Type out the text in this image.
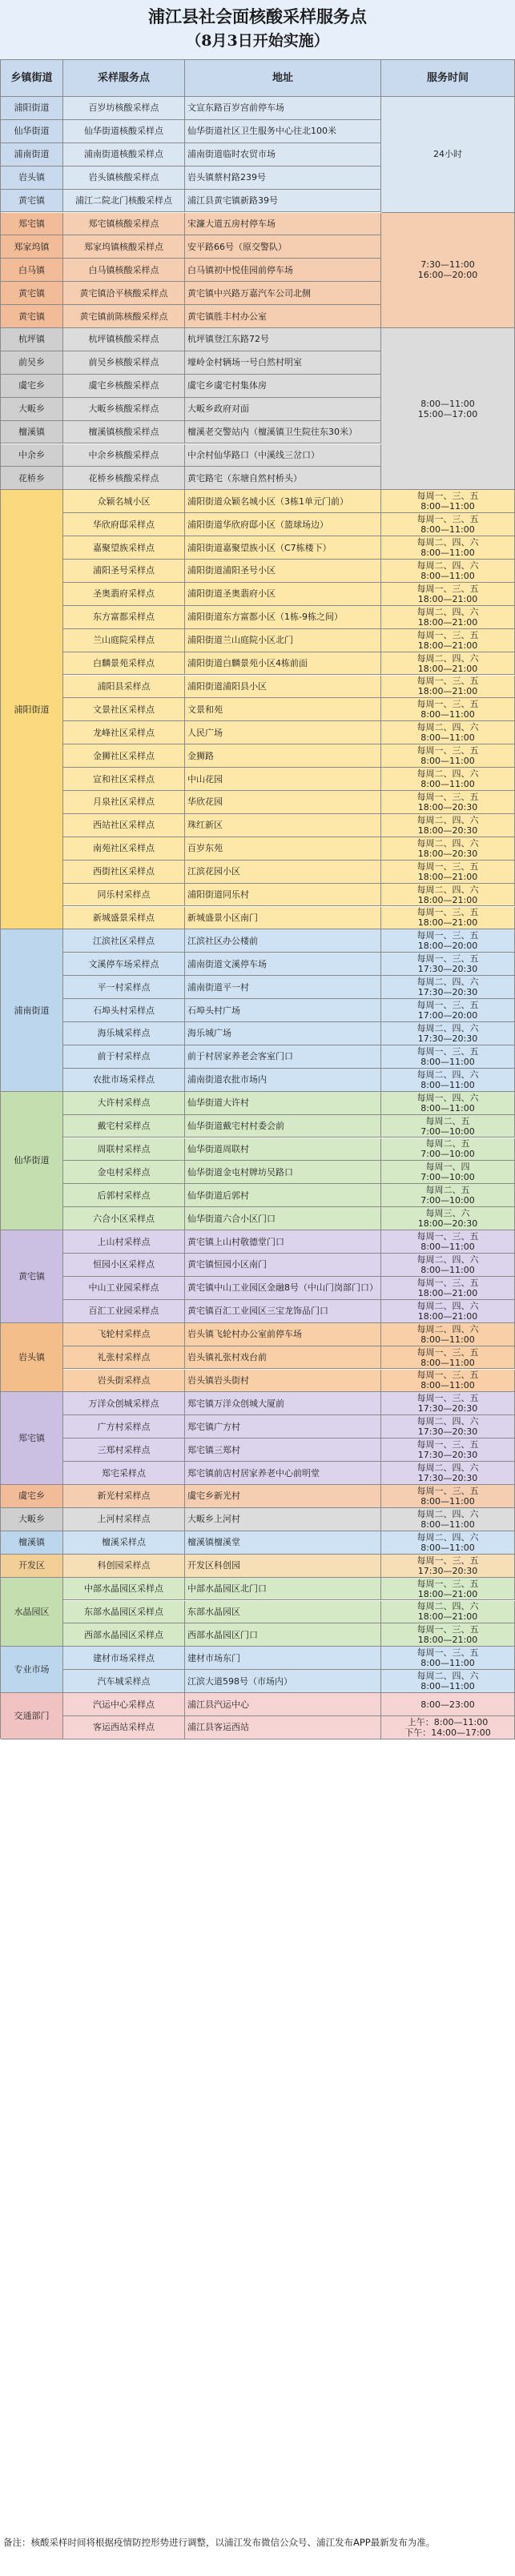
浦江县社会面核酸采样服务点
（8月3日开始实施）
乡镇街道	采样服务点	地址	服务时间
浦阳街道	百岁坊核酸采样点	文宣东路百岁宫前停车场
仙华街道	仙华街道核酸采样点	仙华街道社区卫生服务中心往北100米
浦南街道	浦南街道核酸采样点	浦南街道临时农贸市场
岩头镇	岩头镇核酸采样点	岩头镇蔡村路239号
黄宅镇	浦江二院北门核酸采样点	浦江县黄宅镇新路39号
24小时
郑宅镇	郑宅镇核酸采样点	宋濂大道五房村停车场
郑家坞镇	郑家坞镇核酸采样点	安平路66号（原交警队）
白马镇	白马镇核酸采样点	白马镇初中悦佳园前停车场
黄宅镇	黄宅镇洽平核酸采样点	黄宅镇中兴路万嘉汽车公司北侧
黄宅镇	黄宅镇前陈核酸采样点	黄宅镇胜丰村办公室
7:30—11:00
16:00—20:00
杭坪镇	杭坪镇核酸采样点	杭坪镇登江东路72号
前吴乡	前吴乡核酸采样点	壕岭金村辆场一号白然村明室
虞宅乡	虞宅乡核酸采样点	虞宅乡虞宅村集体房
大畈乡	大畈乡核酸采样点	大畈乡政府对面
檀溪镇	檀溪镇核酸采样点	檀溪老交警站内（檀溪镇卫生院往东30米）
中余乡	中余乡核酸采样点	中余村仙华路口（中溪线三岔口）
花桥乡	花桥乡核酸采样点	黄宅路宅（东塘自然村桥头）
8:00—11:00
15:00—17:00
众颖名城小区	浦阳街道众颖名城小区（3栋1单元门前）	每周一、三、五
8:00—11:00
华欣府邸采样点	浦阳街道华欣府邸小区（篮球场边）	每周一、三、五
8:00—11:00
嘉聚望族采样点	浦阳街道嘉聚望族小区（C7栋楼下）	每周二、四、六
8:00—11:00
浦阳圣号采样点	浦阳街道浦阳圣号小区	每周二、四、六
8:00—11:00
圣奥翡府采样点	浦阳街道圣奥翡府小区	每周一、三、五
18:00—21:00
东方富都采样点	浦阳街道东方富都小区（1栋-9栋之间）	每周二、四、六
18:00—21:00
兰山庭院采样点	浦阳街道兰山庭院小区北门	每周一、三、五
18:00—21:00
白麟景苑采样点	浦阳街道白麟景苑小区4栋前面	每周二、四、六
18:00—21:00
浦阳县采样点	浦阳街道浦阳县小区	每周一、三、五
18:00—21:00
文景社区采样点	文景和苑	每周一、三、五
8:00—11:00
龙峰社区采样点	人民广场	每周二、四、六
8:00—11:00
金狮社区采样点	金狮路	每周一、三、五
8:00—11:00
宣和社区采样点	中山花园	每周二、四、六
8:00—11:00
月泉社区采样点	华欣花园	每周一、三、五
18:00—20:30
西站社区采样点	珠红新区	每周二、四、六
18:00—20:30
南苑社区采样点	百岁东苑	每周二、四、六
18:00—20:30
西街社区采样点	江滨花园小区	每周一、三、五
18:00—21:00
同乐村采样点	浦阳街道同乐村	每周二、四、六
18:00—21:00
新城盛景采样点	新城盛景小区南门	每周一、三、五
18:00—21:00
浦阳街道
江滨社区采样点	江滨社区办公楼前	每周一、三、五
18:00—20:00
文溪停车场采样点	浦南街道文溪停车场	每周一、三、五
17:30—20:30
平一村采样点	浦南街道平一村	每周二、四、六
17:30—20:30
石埠头村采样点	石埠头村广场	每周一、三、五
17:00—20:00
海乐城采样点	海乐城广场	每周二、四、六
17:30—20:30
前于村采样点	前于村居家养老会客室门口	每周一、三、五
8:00—11:00
农批市场采样点	浦南街道农批市场内	每周二、四、六
8:00—11:00
浦南街道
大许村采样点	仙华街道大许村	每周一、四、六
8:00—11:00
戴宅村采样点	仙华街道戴宅村村委会前	每周二、五
7:00—10:00
周联村采样点	仙华街道周联村	每周二、五
7:00—10:00
金屯村采样点	仙华街道金屯村牌坊吴路口	每周一、四
7:00—10:00
后郭村采样点	仙华街道后郭村	每周二、五
7:00—10:00
六合小区采样点	仙华街道六合小区门口	每周三、六
18:00—20:30
仙华街道
上山村采样点	黄宅镇上山村敬德堂门口	每周一、三、五
8:00—11:00
恒园小区采样点	黄宅镇恒园小区南门	每周二、四、六
8:00—11:00
中山工业园采样点	黄宅镇中山工业园区金融8号（中山门岗部门口）	每周一、三、五
18:00—21:00
百汇工业园采样点	黄宅镇百汇工业园区三宝龙饰品门口	每周二、四、六
18:00—21:00
黄宅镇
飞轮村采样点	岩头镇飞轮村办公室前停车场	每周二、四、六
8:00—11:00
礼张村采样点	岩头镇礼张村戏台前	每周一、三、五
8:00—11:00
岩头街采样点	岩头镇岩头街村	每周一、三、五
8:00—11:00
岩头镇
万洋众创城采样点	郑宅镇万洋众创城大厦前	每周一、三、五
17:30—20:30
广方村采样点	郑宅镇广方村	每周二、四、六
17:30—20:30
三郑村采样点	郑宅镇三郑村	每周一、三、五
17:30—20:30
郑宅采样点	郑宅镇前店村居家养老中心前明堂	每周二、四、六
17:30—20:30
郑宅镇
新光村采样点	虞宅乡新光村	每周一、三、五
8:00—11:00
虞宅乡
上河村采样点	大畈乡上河村	每周二、四、六
8:00—11:00
大畈乡
檀溪采样点	檀溪镇檀溪堂	每周二、四、六
8:00—11:00
檀溪镇
科创园采样点	开发区科创园	每周一、三、五
17:30—20:30
开发区
中部水晶园区采样点	中部水晶园区北门口	每周一、三、五
18:00—21:00
东部水晶园区采样点	东部水晶园区	每周二、四、六
18:00—21:00
西部水晶园区采样点	西部水晶园区门口	每周一、三、五
18:00—21:00
水晶园区
建材市场采样点	建材市场东门	每周一、三、五
8:00—11:00
汽车城采样点	江滨大道598号（市场内）	每周二、四、六
8:00—11:00
专业市场
汽运中心采样点	浦江县汽运中心	8:00—23:00
客运西站采样点	浦江县客运西站	上午：8:00—11:00
下午：14:00—17:00
交通部门
备注：核酸采样时间将根据疫情防控形势进行调整，以浦江发布微信公众号、浦江发布APP最新发布为准。
